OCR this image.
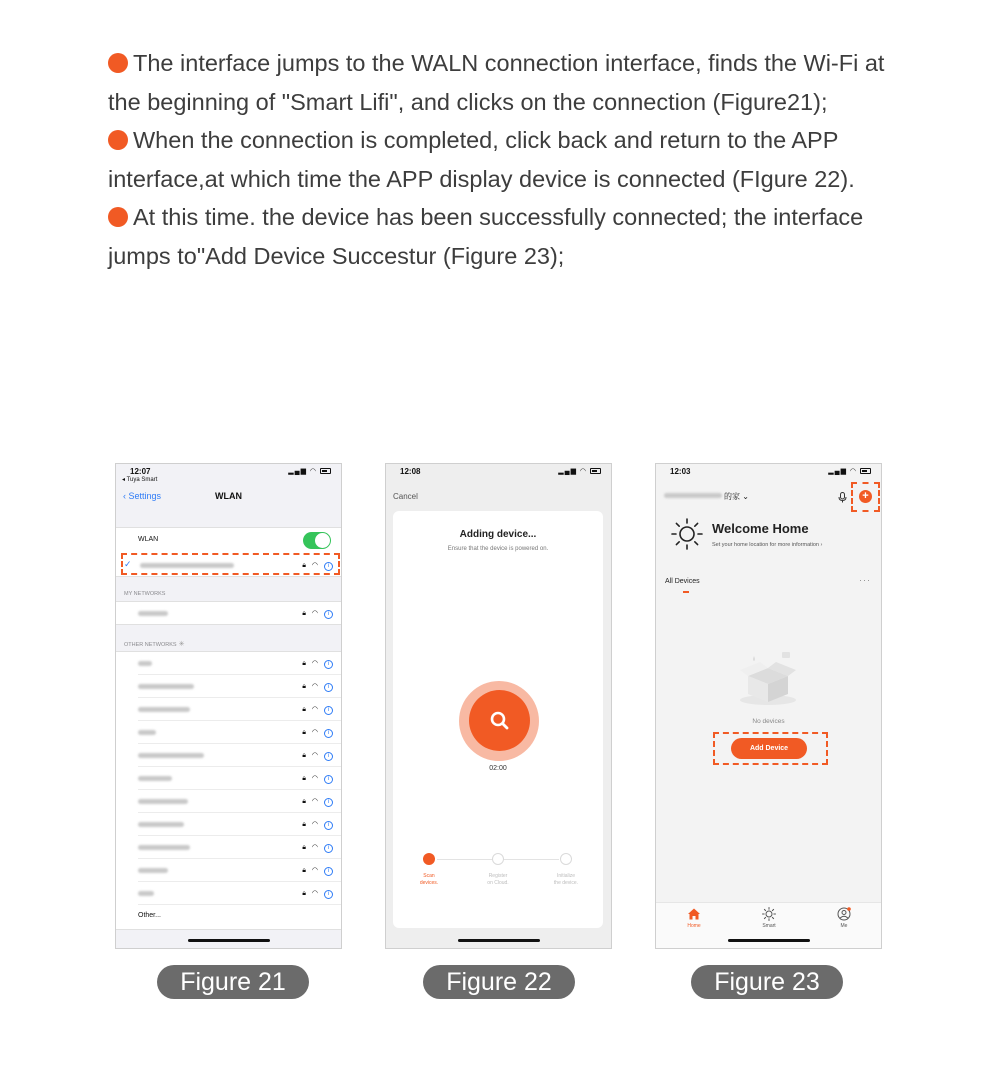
The interface jumps to the WALN connection interface, finds the Wi-Fi at the beginning of "Smart Lifi", and clicks on the connection (Figure21);
When the connection is completed, click back and return to the APP interface,at which time the APP display device is connected (FIgure 22).
At this time. the device has been successfully connected; the interface jumps to"Add Device Succestur (Figure 23);
12:07	▂▄▆ ◠
◂ Tuya Smart
‹ Settings	WLAN
WLAN
✓	🔒︎ ◠ i
MY NETWORKS
🔒︎ ◠ i
OTHER NETWORKS ✳
🔒︎ ◠ i
🔒︎ ◠ i
🔒︎ ◠ i
🔒︎ ◠ i
🔒︎ ◠ i
🔒︎ ◠ i
🔒︎ ◠ i
🔒︎ ◠ i
🔒︎ ◠ i
🔒︎ ◠ i
🔒︎ ◠ i
Other...
12:08	▂▄▆ ◠
Cancel
Adding device...
Ensure that the device is powered on.
02:00
Scan
devices.
Register
on Cloud.
Initialize
the device.
12:03	▂▄▆ ◠
的家 ⌄	+
Welcome Home
Set your home location for more information ›
All Devices	···
No devices
Add Device
Home	Smart	Me
Figure 21	Figure 22	Figure 23
